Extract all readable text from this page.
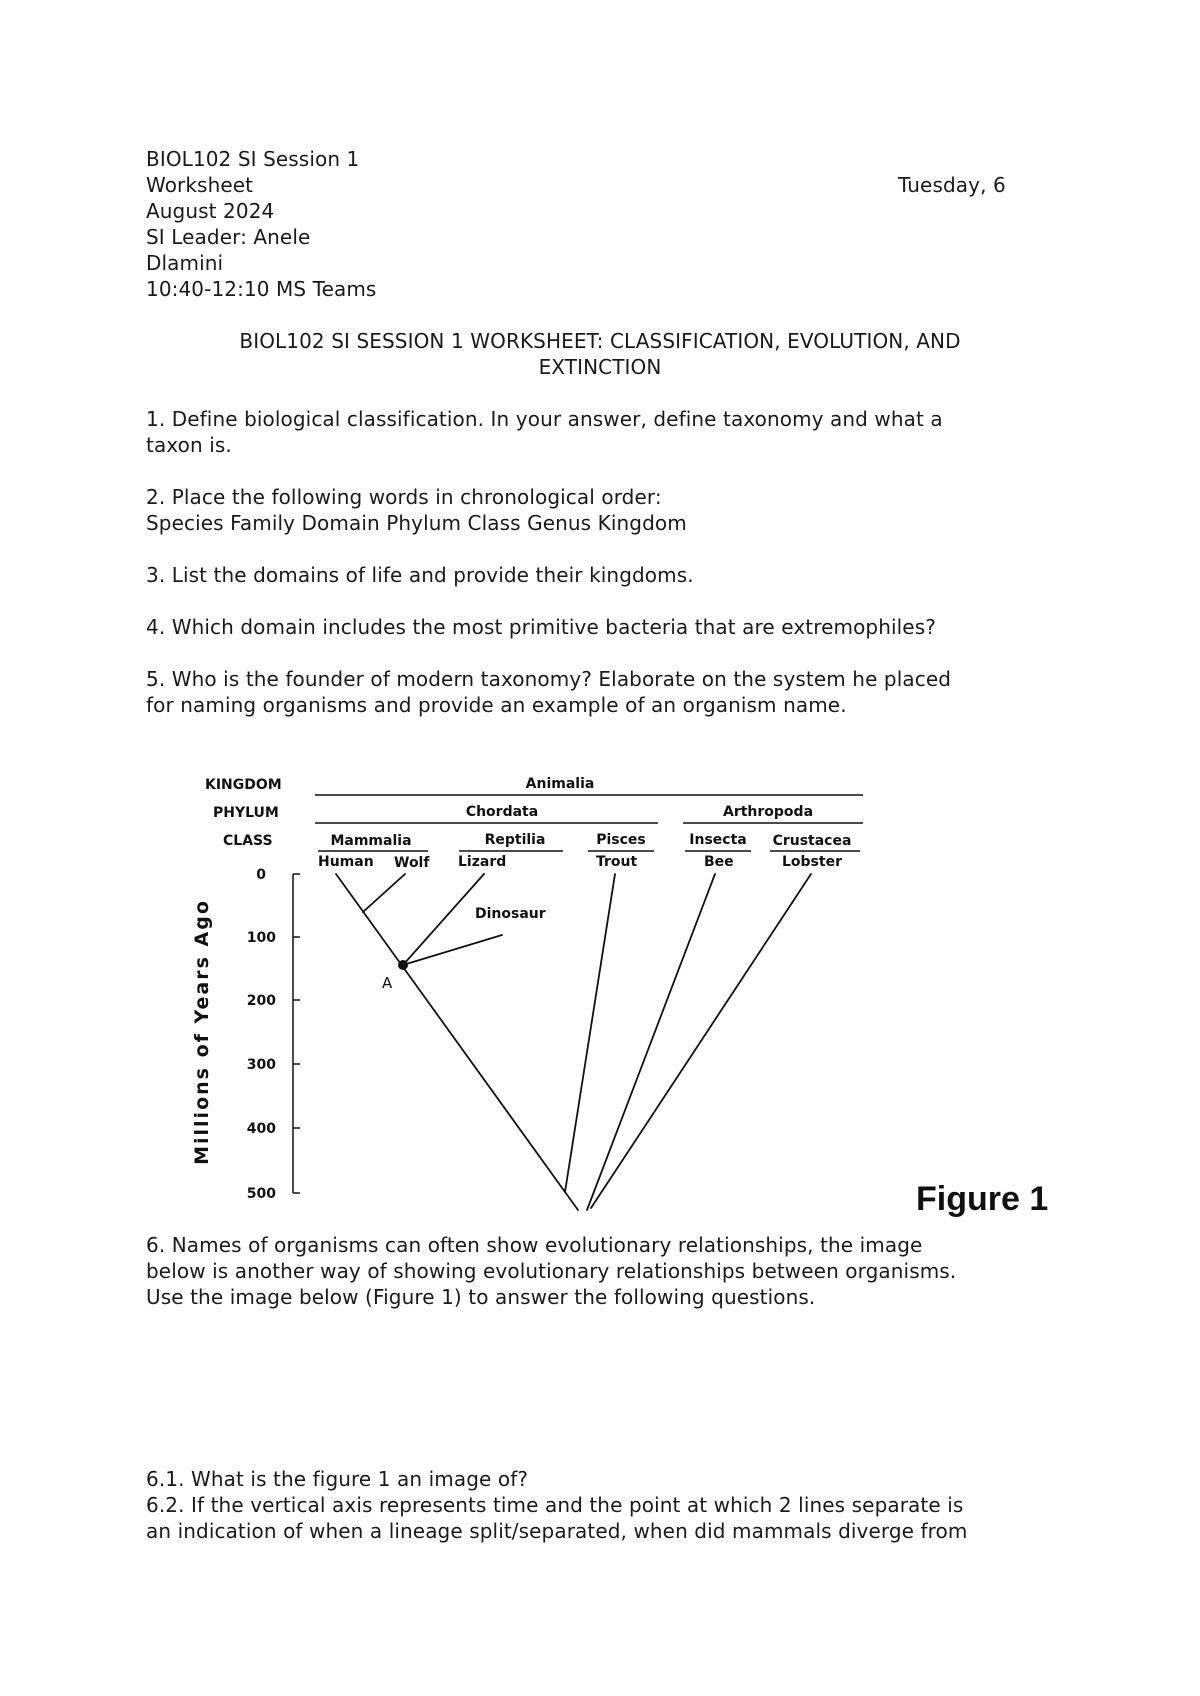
BIOL102 SI Session 1
Worksheet	Tuesday, 6
August 2024
SI Leader: Anele
Dlamini
10:40-12:10 MS Teams
BIOL102 SI SESSION 1 WORKSHEET: CLASSIFICATION, EVOLUTION, AND
EXTINCTION
1. Define biological classification. In your answer, define taxonomy and what a
taxon is.
2. Place the following words in chronological order:
Species Family Domain Phylum Class Genus Kingdom
3. List the domains of life and provide their kingdoms.
4. Which domain includes the most primitive bacteria that are extremophiles?
5. Who is the founder of modern taxonomy? Elaborate on the system he placed
for naming organisms and provide an example of an organism name.
KINGDOM
PHYLUM
CLASS
Animalia
Chordata	Arthropoda
Mammalia	Reptilia	Pisces	Insecta Crustacea
Human Wolf Lizard	Trout	Bee	Lobster
Dinosaur
0
100
200
300
400
500
Millions of Years Ago	A
Figure 1
6. Names of organisms can often show evolutionary relationships, the image
below is another way of showing evolutionary relationships between organisms.
Use the image below (Figure 1) to answer the following questions.
6.1. What is the figure 1 an image of?
6.2. If the vertical axis represents time and the point at which 2 lines separate is
an indication of when a lineage split/separated, when did mammals diverge from
